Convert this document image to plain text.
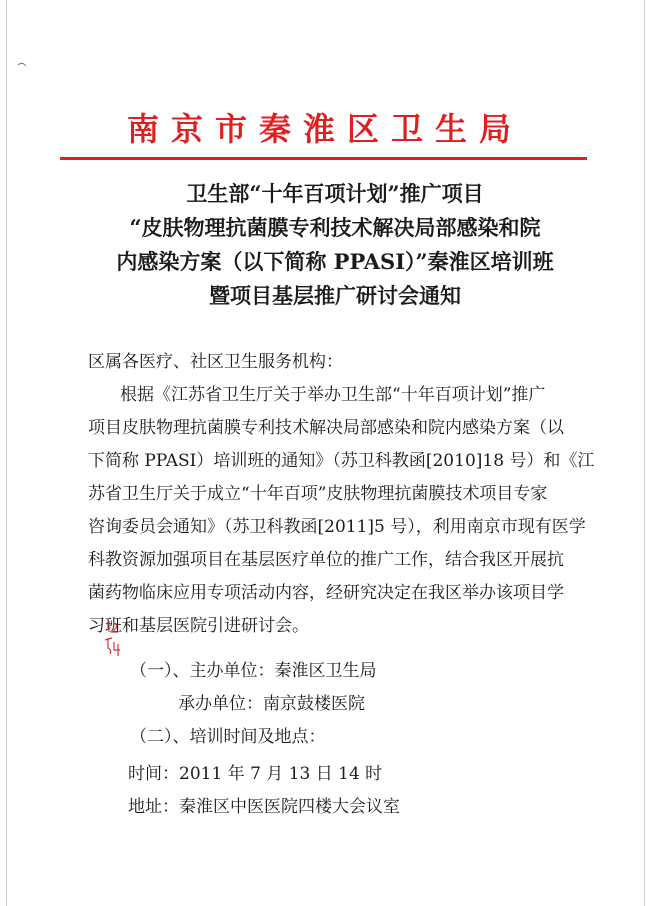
南京市秦淮区卫生局
卫生部“十年百项计划”推广项目
“皮肤物理抗菌膜专利技术解决局部感染和院
内感染方案（以下简称 PPASI）”秦淮区培训班
暨项目基层推广研讨会通知
区属各医疗、社区卫生服务机构：
根据《江苏省卫生厅关于举办卫生部“十年百项计划”推广
项目皮肤物理抗菌膜专利技术解决局部感染和院内感染方案（以
下简称 PPASI）培训班的通知》（苏卫科教函[2010]18 号）和《江
苏省卫生厅关于成立“十年百项”皮肤物理抗菌膜技术项目专家
咨询委员会通知》（苏卫科教函[2011]5 号），利用南京市现有医学
科教资源加强项目在基层医疗单位的推广工作，结合我区开展抗
菌药物临床应用专项活动内容，经研究决定在我区举办该项目学
习班和基层医院引进研讨会。
（一）、主办单位：秦淮区卫生局
承办单位：南京鼓楼医院
（二）、培训时间及地点：
时间：2011 年 7 月 13 日 14 时
地址：秦淮区中医医院四楼大会议室
